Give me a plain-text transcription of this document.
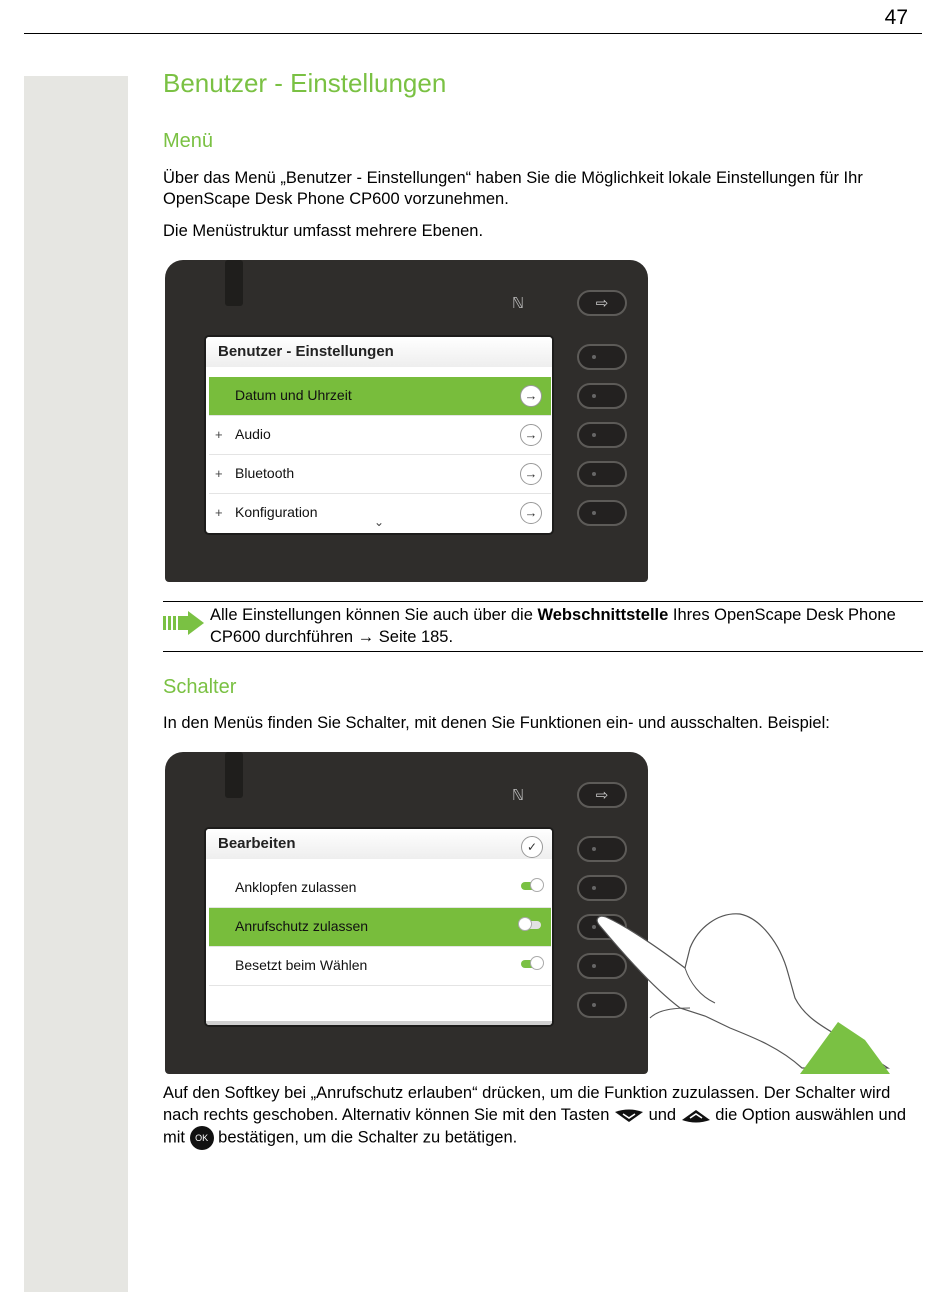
47
Benutzer - Einstellungen
Menü
Über das Menü „Benutzer - Einstellungen“ haben Sie die Möglichkeit lokale Einstellungen für Ihr OpenScape Desk Phone CP600 vorzunehmen.
Die Menüstruktur umfasst mehrere Ebenen.
ℕ	⇨
Benutzer - Einstellungen
Datum und Uhrzeit	→
+ Audio	→
+ Bluetooth	→
+ Konfiguration	→
⌄
Alle Einstellungen können Sie auch über die Webschnittstelle Ihres OpenScape Desk Phone CP600 durchführen → Seite 185.
Schalter
In den Menüs finden Sie Schalter, mit denen Sie Funktionen ein- und ausschalten. Beispiel:
ℕ	⇨
Bearbeiten	✓
Anklopfen zulassen
Anrufschutz zulassen
Besetzt beim Wählen
Auf den Softkey bei „Anrufschutz erlauben“ drücken, um die Funktion zuzulassen. Der Schalter wird nach rechts geschoben. Alternativ können Sie mit den Tasten  und  die Option auswählen und mit OK bestätigen, um die Schalter zu betätigen.
